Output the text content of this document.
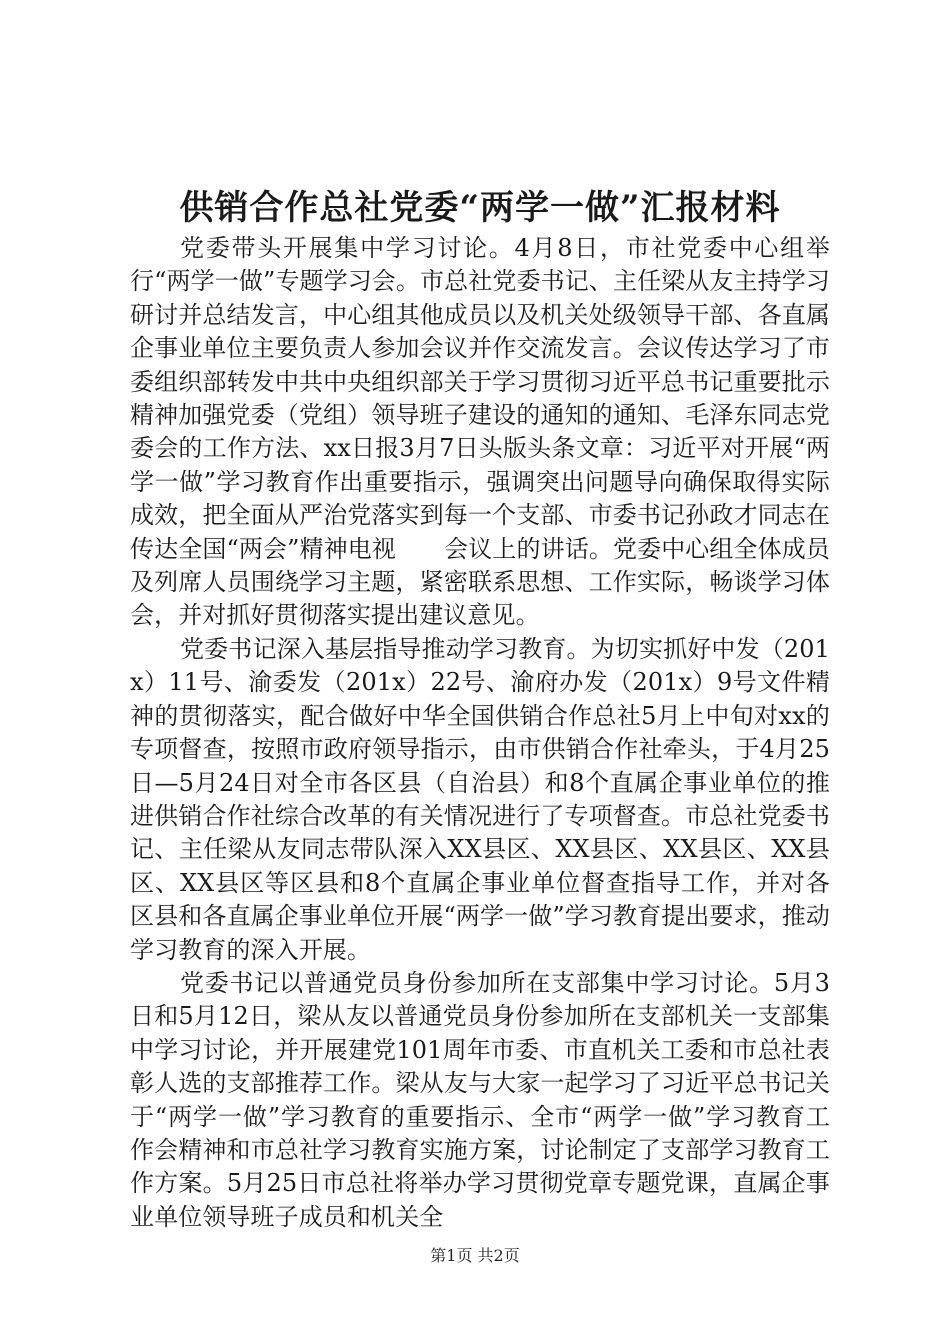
供销合作总社党委“两学一做”汇报材料

党委带头开展集中学习讨论。4月8日，市社党委中心组举行“两学一做”专题学习会。市总社党委书记、主任梁从友主持学习研讨并总结发言，中心组其他成员以及机关处级领导干部、各直属企事业单位主要负责人参加会议并作交流发言。会议传达学习了市委组织部转发中共中央组织部关于学习贯彻习近平总书记重要批示精神加强党委（党组）领导班子建设的通知的通知、毛泽东同志党委会的工作方法、xx日报3月7日头版头条文章：习近平对开展“两学一做”学习教育作出重要指示，强调突出问题导向确保取得实际成效，把全面从严治党落实到每一个支部、市委书记孙政才同志在传达全国“两会”精神电视　　会议上的讲话。党委中心组全体成员及列席人员围绕学习主题，紧密联系思想、工作实际，畅谈学习体会，并对抓好贯彻落实提出建议意见。

党委书记深入基层指导推动学习教育。为切实抓好中发（201x）11号、渝委发（201x）22号、渝府办发（201x）9号文件精神的贯彻落实，配合做好中华全国供销合作总社5月上中旬对xx的专项督查，按照市政府领导指示，由市供销合作社牵头，于4月25日—5月24日对全市各区县（自治县）和8个直属企事业单位的推进供销合作社综合改革的有关情况进行了专项督查。市总社党委书记、主任梁从友同志带队深入XX县区、XX县区、XX县区、XX县区、XX县区等区县和8个直属企事业单位督查指导工作，并对各区县和各直属企事业单位开展“两学一做”学习教育提出要求，推动学习教育的深入开展。

党委书记以普通党员身份参加所在支部集中学习讨论。5月3日和5月12日，梁从友以普通党员身份参加所在支部机关一支部集中学习讨论，并开展建党101周年市委、市直机关工委和市总社表彰人选的支部推荐工作。梁从友与大家一起学习了习近平总书记关于“两学一做”学习教育的重要指示、全市“两学一做”学习教育工作会精神和市总社学习教育实施方案，讨论制定了支部学习教育工作方案。5月25日市总社将举办学习贯彻党章专题党课，直属企事业单位领导班子成员和机关全

第1页 共2页
